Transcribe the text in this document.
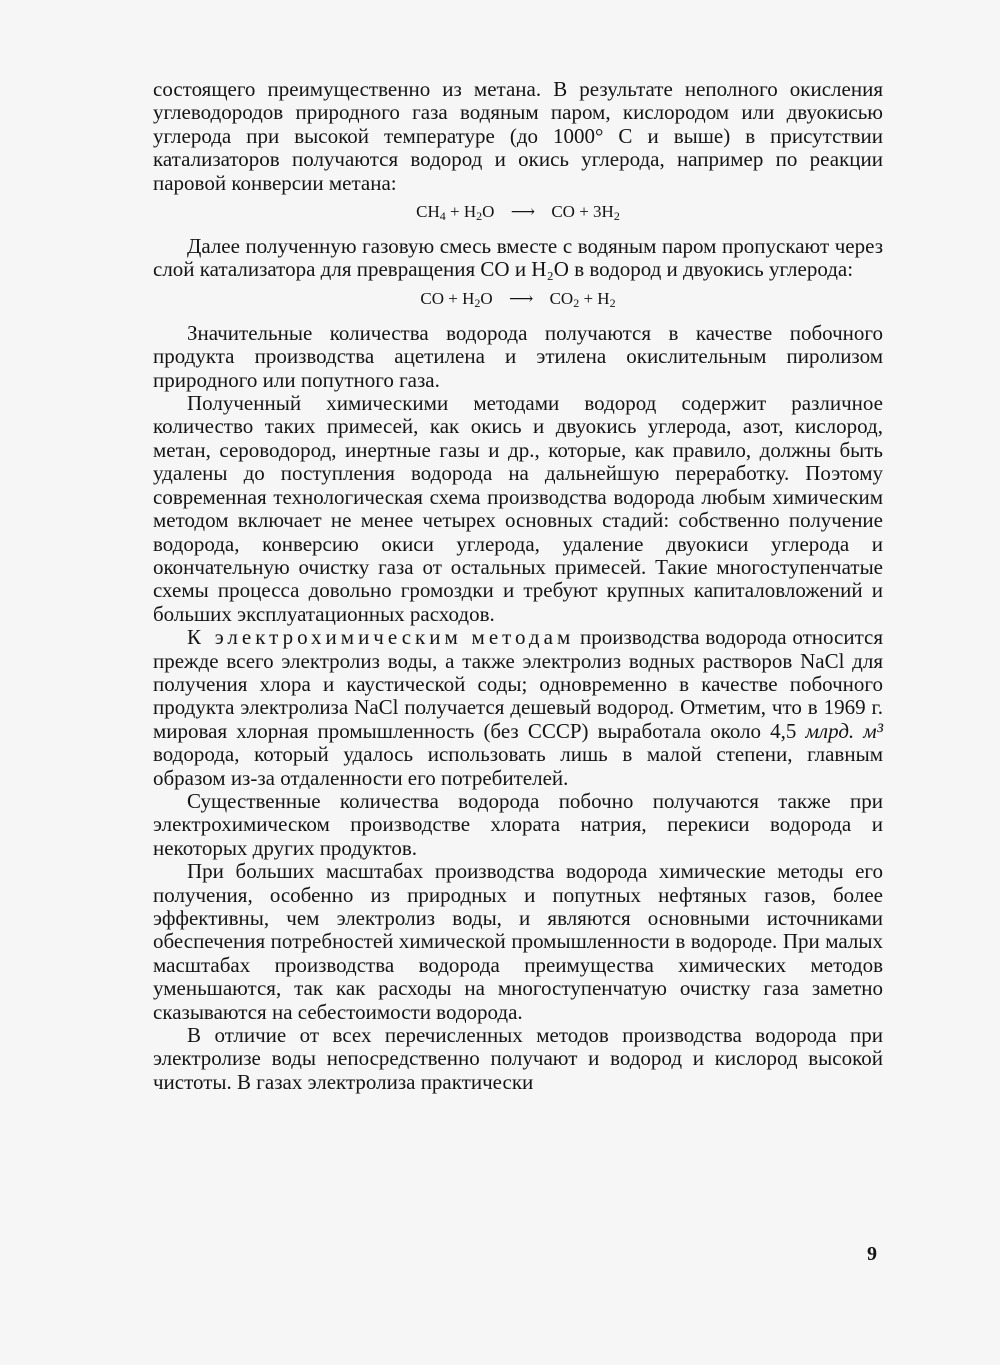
состоящего преимущественно из метана. В результате неполного окисления углеводородов природного газа водяным паром, кислородом или двуокисью углерода при высокой температуре (до 1000° С и выше) в присутствии катализаторов получаются водород и окись углерода, например по реакции паровой конверсии метана:

$CH_4 + H_2O$ ⟶ CO + $3H_2$

Далее полученную газовую смесь вместе с водяным паром пропускают через слой катализатора для превращения СО и Н₂О в водород и двуокись углерода:

CO + $H_2O$ ⟶ $CO_2 + H_2$

Значительные количества водорода получаются в качестве побочного продукта производства ацетилена и этилена окислительным пиролизом природного или попутного газа.

Полученный химическими методами водород содержит различное количество таких примесей, как окись и двуокись углерода, азот, кислород, метан, сероводород, инертные газы и др., которые, как правило, должны быть удалены до поступления водорода на дальнейшую переработку. Поэтому современная технологическая схема производства водорода любым химическим методом включает не менее четырех основных стадий: собственно получение водорода, конверсию окиси углерода, удаление двуокиси углерода и окончательную очистку газа от остальных примесей. Такие многоступенчатые схемы процесса довольно громоздки и требуют крупных капиталовложений и больших эксплуатационных расходов.

К электрохимическим методам производства водорода относится прежде всего электролиз воды, а также электролиз водных растворов NaCl для получения хлора и каустической соды; одновременно в качестве побочного продукта электролиза NaCl получается дешевый водород. Отметим, что в 1969 г. мировая хлорная промышленность (без СССР) выработала около 4,5 млрд. м³ водорода, который удалось использовать лишь в малой степени, главным образом из-за отдаленности его потребителей.

Существенные количества водорода побочно получаются также при электрохимическом производстве хлората натрия, перекиси водорода и некоторых других продуктов.

При больших масштабах производства водорода химические методы его получения, особенно из природных и попутных нефтяных газов, более эффективны, чем электролиз воды, и являются основными источниками обеспечения потребностей химической промышленности в водороде. При малых масштабах производства водорода преимущества химических методов уменьшаются, так как расходы на многоступенчатую очистку газа заметно сказываются на себестоимости водорода.

В отличие от всех перечисленных методов производства водорода при электролизе воды непосредственно получают и водород и кислород высокой чистоты. В газах электролиза практически

9
